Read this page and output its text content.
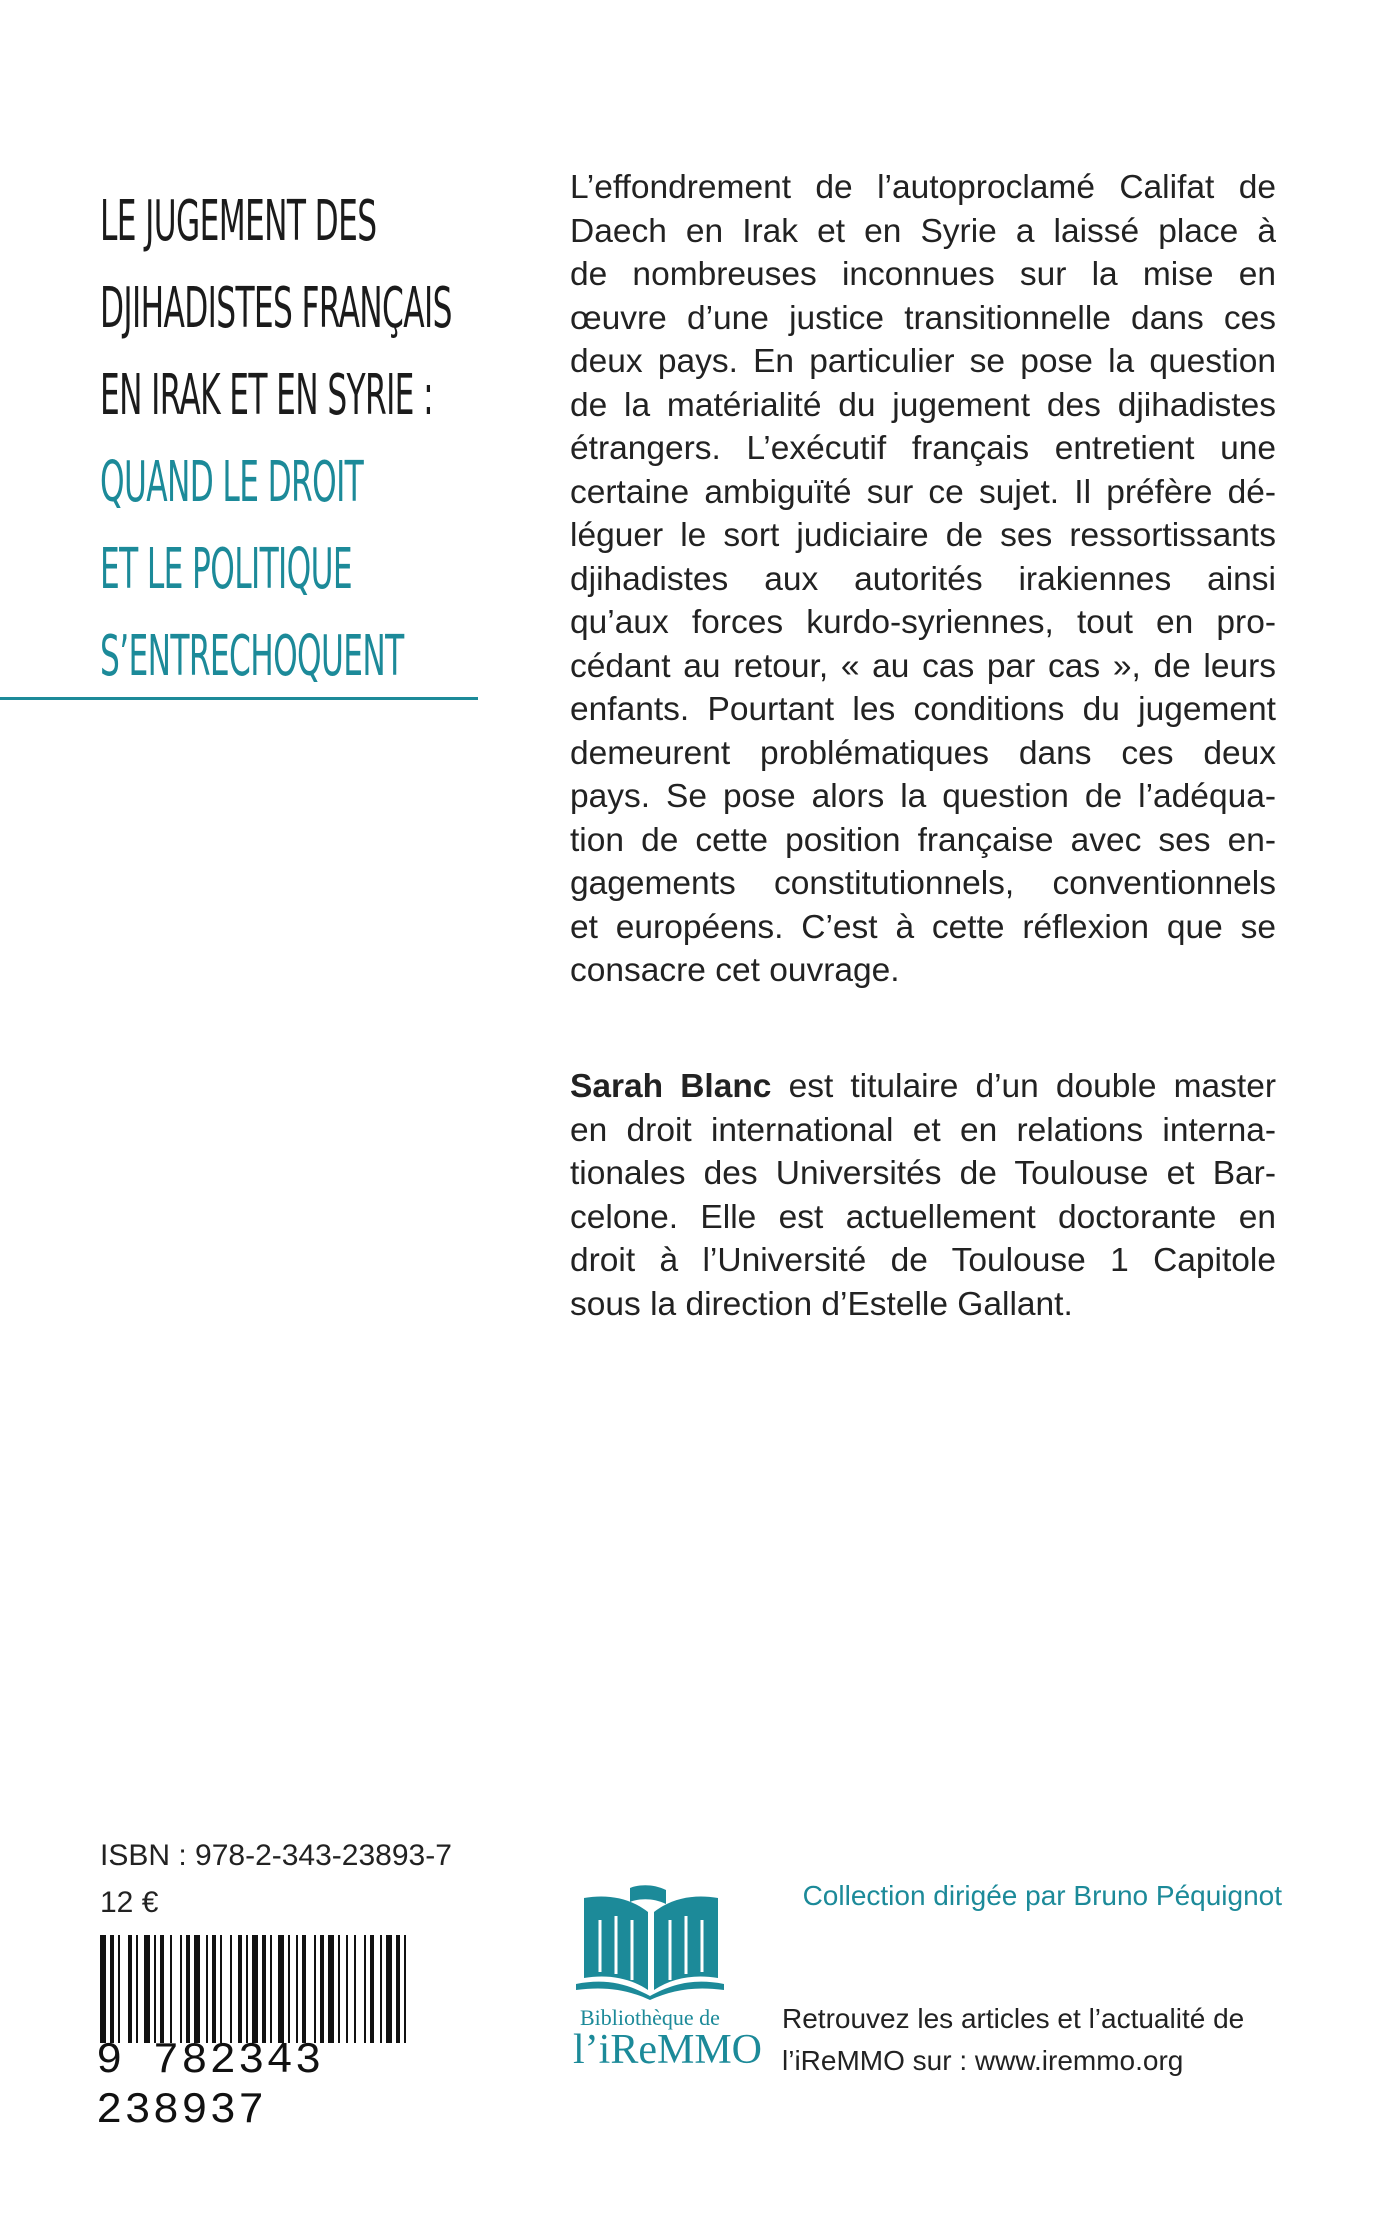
LE JUGEMENT DES
DJIHADISTES FRANÇAIS
EN IRAK ET EN SYRIE :
QUAND LE DROIT
ET LE POLITIQUE
S’ENTRECHOQUENT
L’effondrement de l’autoproclamé Califat de
Daech en Irak et en Syrie a laissé place à
de nombreuses inconnues sur la mise en
œuvre d’une justice transitionnelle dans ces
deux pays. En particulier se pose la question
de la matérialité du jugement des djihadistes
étrangers. L’exécutif français entretient une
certaine ambiguïté sur ce sujet. Il préfère dé-
léguer le sort judiciaire de ses ressortissants
djihadistes aux autorités irakiennes ainsi
qu’aux forces kurdo-syriennes, tout en pro-
cédant au retour, « au cas par cas », de leurs
enfants. Pourtant les conditions du jugement
demeurent problématiques dans ces deux
pays. Se pose alors la question de l’adéqua-
tion de cette position française avec ses en-
gagements constitutionnels, conventionnels
et européens. C’est à cette réflexion que se
consacre cet ouvrage.
Sarah Blanc est titulaire d’un double master
en droit international et en relations interna-
tionales des Universités de Toulouse et Bar-
celone. Elle est actuellement doctorante en
droit à l’Université de Toulouse 1 Capitole
sous la direction d’Estelle Gallant.
ISBN : 978-2-343-23893-7
12 €
9 782343 238937
Bibliothèque de
l’iReMMO
Collection dirigée par Bruno Péquignot
Retrouvez les articles et l’actualité de
l’iReMMO sur : www.iremmo.org
